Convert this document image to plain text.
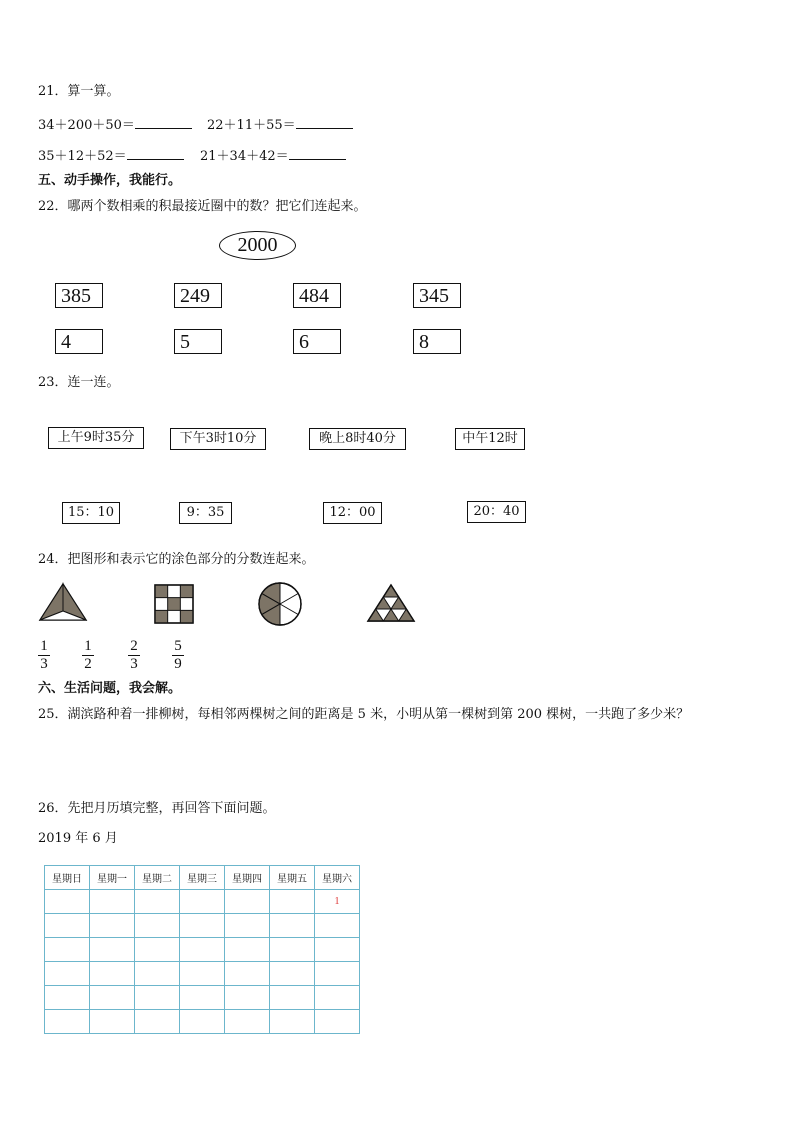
21．算一算。
34＋200＋50＝	22＋11＋55＝
35＋12＋52＝	21＋34＋42＝
五、动手操作，我能行。
22．哪两个数相乘的积最接近圈中的数？把它们连起来。
2000
385	249	484	345
4	5	6	8
23．连一连。
上午9时35分	下午3时10分	晚上8时40分	中午12时
15：10	9：35	12：00	20：40
24．把图形和表示它的涂色部分的分数连起来。
1
3
1
2
2
3
5
9
六、生活问题，我会解。
25．湖滨路种着一排柳树，每相邻两棵树之间的距离是 5 米，小明从第一棵树到第 200 棵树，一共跑了多少米？
26．先把月历填完整，再回答下面问题。
2019 年 6 月
星期日	星期一	星期二	星期三	星期四	星期五	星期六
						1
